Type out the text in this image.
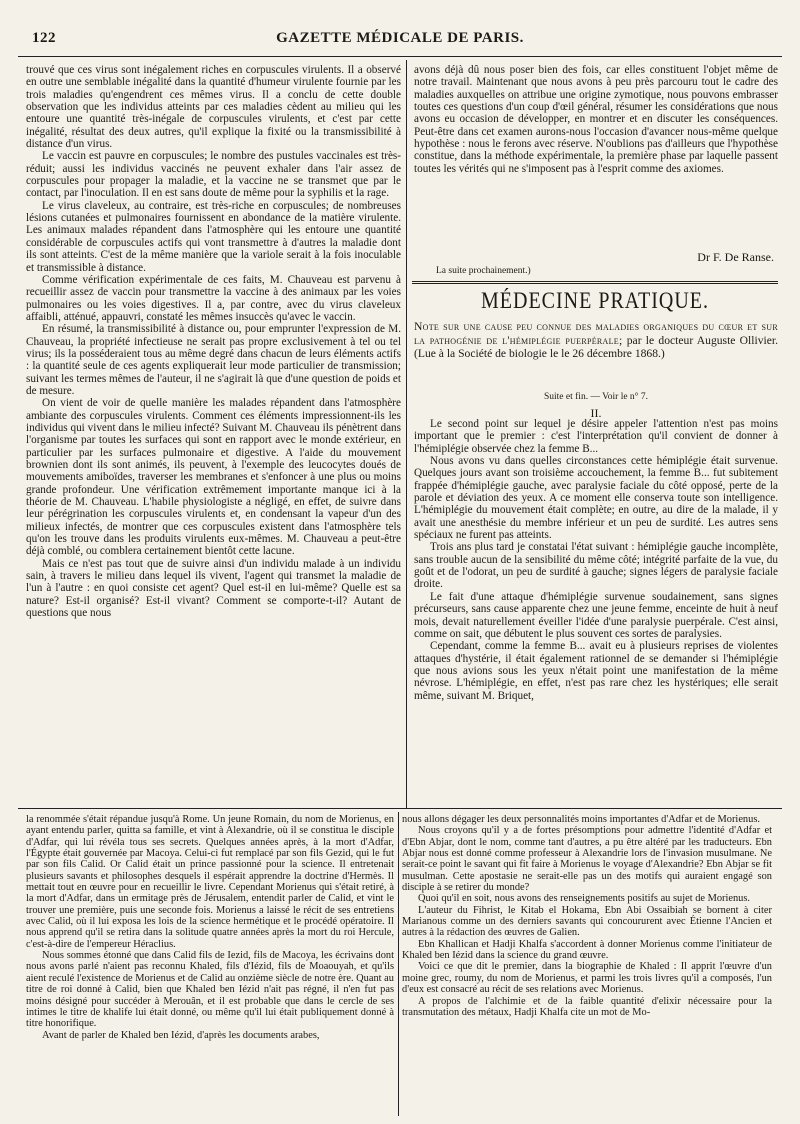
122	GAZETTE MÉDICALE DE PARIS.

trouvé que ces virus sont inégalement riches en corpuscules virulents. Il a observé en outre une semblable inégalité dans la quantité d'humeur virulente fournie par les trois maladies qu'engendrent ces mêmes virus. Il a conclu de cette double observation que les individus atteints par ces maladies cèdent au milieu qui les entoure une quantité très-inégale de corpuscules virulents, et c'est par cette inégalité, résultat des deux autres, qu'il explique la fixité ou la transmissibilité à distance d'un virus.

Le vaccin est pauvre en corpuscules; le nombre des pustules vaccinales est très-réduit; aussi les individus vaccinés ne peuvent exhaler dans l'air assez de corpuscules pour propager la maladie, et la vaccine ne se transmet que par le contact, par l'inoculation. Il en est sans doute de même pour la syphilis et la rage.

Le virus claveleux, au contraire, est très-riche en corpuscules; de nombreuses lésions cutanées et pulmonaires fournissent en abondance de la matière virulente. Les animaux malades répandent dans l'atmosphère qui les entoure une quantité considérable de corpuscules actifs qui vont transmettre à d'autres la maladie dont ils sont atteints. C'est de la même manière que la variole serait à la fois inoculable et transmissible à distance.

Comme vérification expérimentale de ces faits, M. Chauveau est parvenu à recueillir assez de vaccin pour transmettre la vaccine à des animaux par les voies pulmonaires ou les voies digestives. Il a, par contre, avec du virus claveleux affaibli, atténué, appauvri, constaté les mêmes insuccès qu'avec le vaccin.

En résumé, la transmissibilité à distance ou, pour emprunter l'expression de M. Chauveau, la propriété infectieuse ne serait pas propre exclusivement à tel ou tel virus; ils la posséderaient tous au même degré dans chacun de leurs éléments actifs : la quantité seule de ces agents expliquerait leur mode particulier de transmission; suivant les termes mêmes de l'auteur, il ne s'agirait là que d'une question de poids et de mesure.

On vient de voir de quelle manière les malades répandent dans l'atmosphère ambiante des corpuscules virulents. Comment ces éléments impressionnent-ils les individus qui vivent dans le milieu infecté? Suivant M. Chauveau ils pénètrent dans l'organisme par toutes les surfaces qui sont en rapport avec le monde extérieur, en particulier par les surfaces pulmonaire et digestive. A l'aide du mouvement brownien dont ils sont animés, ils peuvent, à l'exemple des leucocytes doués de mouvements amiboïdes, traverser les membranes et s'enfoncer à une plus ou moins grande profondeur. Une vérification extrêmement importante manque ici à la théorie de M. Chauveau. L'habile physiologiste a négligé, en effet, de suivre dans leur pérégrination les corpuscules virulents et, en condensant la vapeur d'un des milieux infectés, de montrer que ces corpuscules existent dans l'atmosphère tels qu'on les trouve dans les produits virulents eux-mêmes. M. Chauveau a peut-être déjà comblé, ou comblera certainement bientôt cette lacune.

Mais ce n'est pas tout que de suivre ainsi d'un individu malade à un individu sain, à travers le milieu dans lequel ils vivent, l'agent qui transmet la maladie de l'un à l'autre : en quoi consiste cet agent? Quel est-il en lui-même? Quelle est sa nature? Est-il organisé? Est-il vivant? Comment se comporte-t-il? Autant de questions que nous

avons déjà dû nous poser bien des fois, car elles constituent l'objet même de notre travail. Maintenant que nous avons à peu près parcouru tout le cadre des maladies auxquelles on attribue une origine zymotique, nous pouvons embrasser toutes ces questions d'un coup d'œil général, résumer les considérations que nous avons eu occasion de développer, en montrer et en discuter les conséquences. Peut-être dans cet examen aurons-nous l'occasion d'avancer nous-même quelque hypothèse : nous le ferons avec réserve. N'oublions pas d'ailleurs que l'hypothèse constitue, dans la méthode expérimentale, la première phase par laquelle passent toutes les vérités qui ne s'imposent pas à l'esprit comme des axiomes.

Dr F. De Ranse.
La suite prochainement.)
MÉDECINE PRATIQUE.
Note sur une cause peu connue des maladies organiques du cœur et sur la pathogénie de l'hémiplégie puerpérale; par le docteur Auguste Ollivier. (Lue à la Société de biologie le le 26 décembre 1868.)
Suite et fin. — Voir le n° 7.
II.

Le second point sur lequel je désire appeler l'attention n'est pas moins important que le premier : c'est l'interprétation qu'il convient de donner à l'hémiplégie observée chez la femme B...

Nous avons vu dans quelles circonstances cette hémiplégie était survenue. Quelques jours avant son troisième accouchement, la femme B... fut subitement frappée d'hémiplégie gauche, avec paralysie faciale du côté opposé, perte de la parole et déviation des yeux. A ce moment elle conserva toute son intelligence. L'hémiplégie du mouvement était complète; en outre, au dire de la malade, il y avait une anesthésie du membre inférieur et un peu de surdité. Les autres sens spéciaux ne furent pas atteints.

Trois ans plus tard je constatai l'état suivant : hémiplégie gauche incomplète, sans trouble aucun de la sensibilité du même côté; intégrité parfaite de la vue, du goût et de l'odorat, un peu de surdité à gauche; signes légers de paralysie faciale droite.

Le fait d'une attaque d'hémiplégie survenue soudainement, sans signes précurseurs, sans cause apparente chez une jeune femme, enceinte de huit à neuf mois, devait naturellement éveiller l'idée d'une paralysie puerpérale. C'est ainsi, comme on sait, que débutent le plus souvent ces sortes de paralysies.

Cependant, comme la femme B... avait eu à plusieurs reprises de violentes attaques d'hystérie, il était également rationnel de se demander si l'hémiplégie que nous avions sous les yeux n'était point une manifestation de la même névrose. L'hémiplégie, en effet, n'est pas rare chez les hystériques; elle serait même, suivant M. Briquet,

la renommée s'était répandue jusqu'à Rome. Un jeune Romain, du nom de Morienus, en ayant entendu parler, quitta sa famille, et vint à Alexandrie, où il se constitua le disciple d'Adfar, qui lui révéla tous ses secrets. Quelques années après, à la mort d'Adfar, l'Égypte était gouvernée par Macoya. Celui-ci fut remplacé par son fils Gezid, qui le fut par son fils Calid. Or Calid était un prince passionné pour la science. Il entretenait plusieurs savants et philosophes desquels il espérait apprendre la doctrine d'Hermès. Il mettait tout en œuvre pour en recueillir le livre. Cependant Morienus qui s'était retiré, à la mort d'Adfar, dans un ermitage près de Jérusalem, entendit parler de Calid, et vint le trouver une première, puis une seconde fois. Morienus a laissé le récit de ses entretiens avec Calid, où il lui exposa les lois de la science hermétique et le procédé opératoire. Il nous apprend qu'il se retira dans la solitude quatre années après la mort du roi Hercule, c'est-à-dire de l'empereur Héraclius.

Nous sommes étonné que dans Calid fils de Iezid, fils de Macoya, les écrivains dont nous avons parlé n'aient pas reconnu Khaled, fils d'Iézid, fils de Moaouyah, et qu'ils aient reculé l'existence de Morienus et de Calid au onzième siècle de notre ère. Quant au titre de roi donné à Calid, bien que Khaled ben Iézid n'ait pas régné, il n'en fut pas moins désigné pour succéder à Merouân, et il est probable que dans le cercle de ses intimes le titre de khalife lui était donné, ou même qu'il lui était publiquement donné à titre honorifique.

Avant de parler de Khaled ben Iézid, d'après les documents arabes,

nous allons dégager les deux personnalités moins importantes d'Adfar et de Morienus.

Nous croyons qu'il y a de fortes présomptions pour admettre l'identité d'Adfar et d'Ebn Abjar, dont le nom, comme tant d'autres, a pu être altéré par les traducteurs. Ebn Abjar nous est donné comme professeur à Alexandrie lors de l'invasion musulmane. Ne serait-ce point le savant qui fit faire à Morienus le voyage d'Alexandrie? Ebn Abjar se fit musulman. Cette apostasie ne serait-elle pas un des motifs qui auraient engagé son disciple à se retirer du monde?

Quoi qu'il en soit, nous avons des renseignements positifs au sujet de Morienus.

L'auteur du Fihrist, le Kitab el Hokama, Ebn Abi Ossaibiah se bornent à citer Marianous comme un des derniers savants qui concoururent avec Étienne l'Ancien et autres à la rédaction des œuvres de Galien.

Ebn Khallican et Hadji Khalfa s'accordent à donner Morienus comme l'initiateur de Khaled ben Iézid dans la science du grand œuvre.

Voici ce que dit le premier, dans la biographie de Khaled : Il apprit l'œuvre d'un moine grec, roumy, du nom de Morienus, et parmi les trois livres qu'il a composés, l'un d'eux est consacré au récit de ses relations avec Morienus.

A propos de l'alchimie et de la faible quantité d'elixir nécessaire pour la transmutation des métaux, Hadji Khalfa cite un mot de Mo-
